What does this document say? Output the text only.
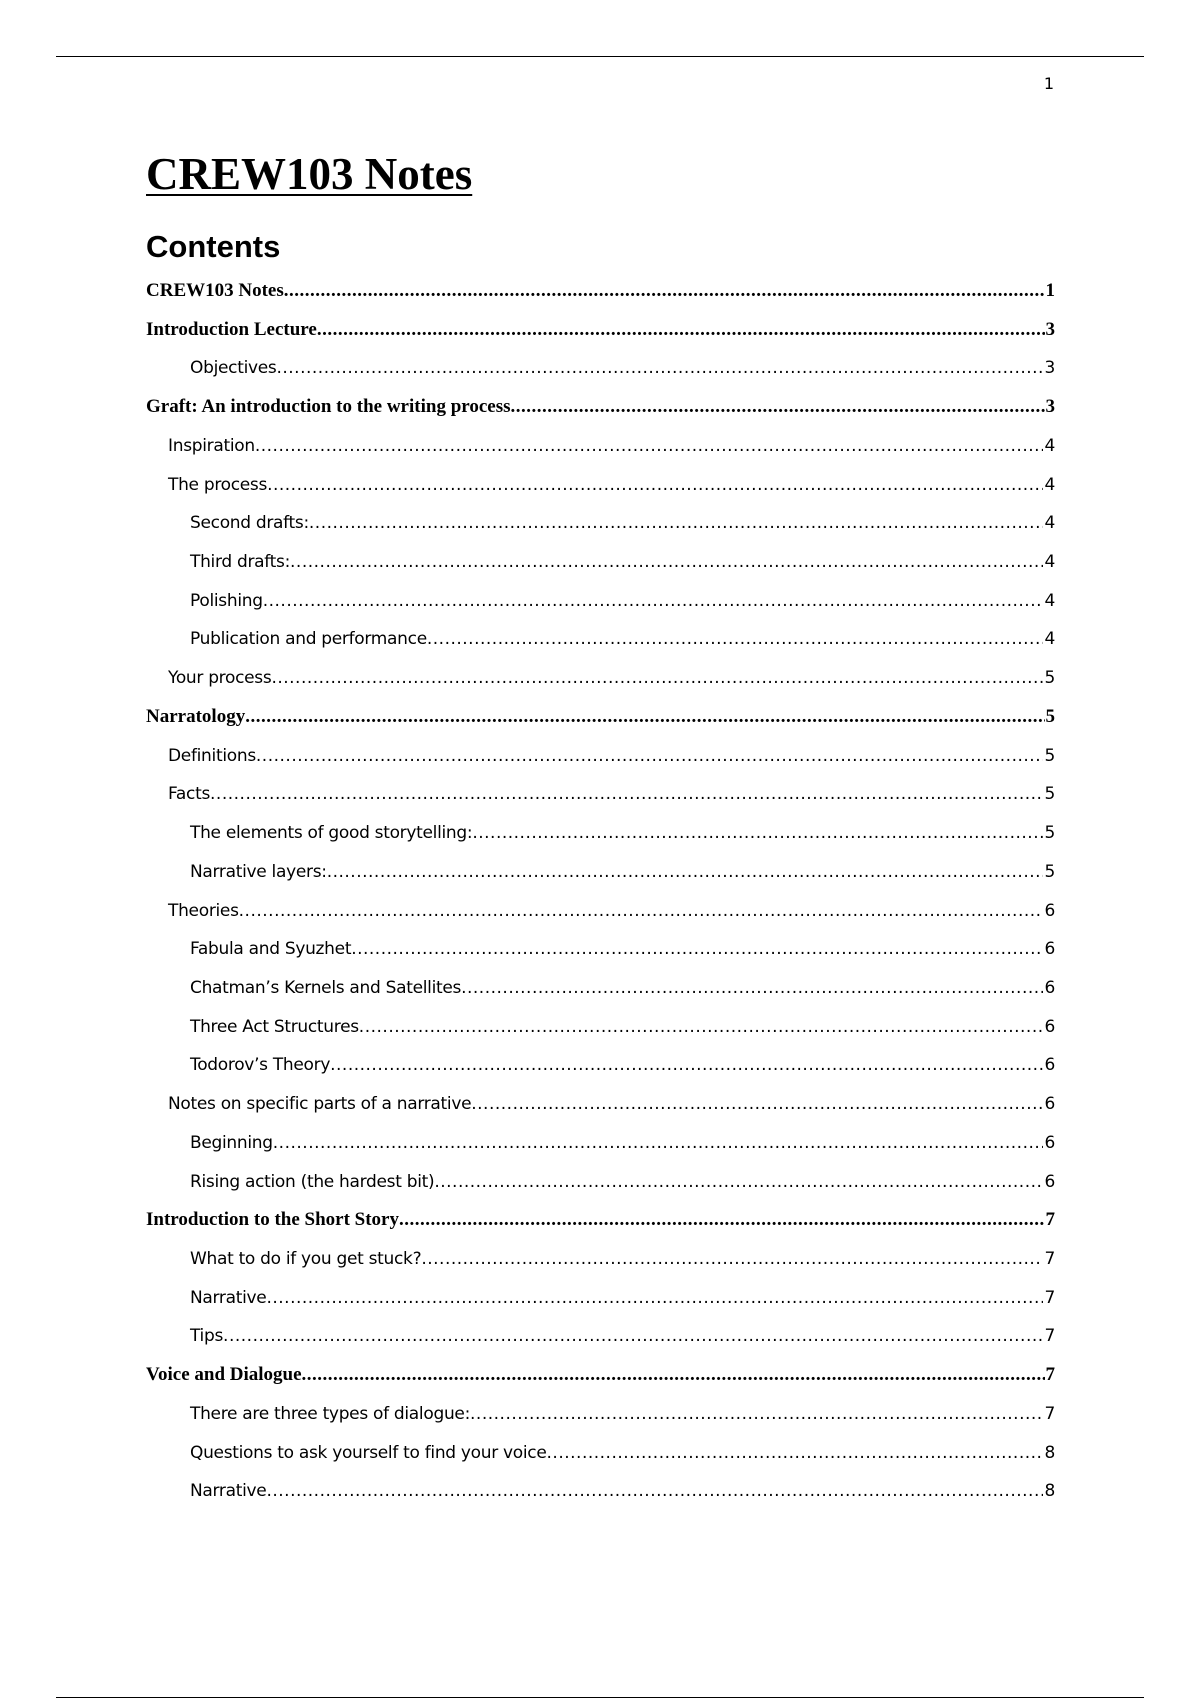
1
CREW103 Notes
Contents
CREW103 Notes .....	1
Introduction Lecture .....	3
Objectives .....	3
Graft: An introduction to the writing process .....	3
Inspiration .....	4
The process .....	4
Second drafts: .....	4
Third drafts: .....	4
Polishing .....	4
Publication and performance .....	4
Your process .....	5
Narratology .....	5
Definitions .....	5
Facts .....	5
The elements of good storytelling: .....	5
Narrative layers: .....	5
Theories .....	6
Fabula and Syuzhet .....	6
Chatman’s Kernels and Satellites .....	6
Three Act Structures .....	6
Todorov’s Theory .....	6
Notes on specific parts of a narrative .....	6
Beginning .....	6
Rising action (the hardest bit) .....	6
Introduction to the Short Story .....	7
What to do if you get stuck? .....	7
Narrative .....	7
Tips .....	7
Voice and Dialogue .....	7
There are three types of dialogue: .....	7
Questions to ask yourself to find your voice .....	8
Narrative .....	8
